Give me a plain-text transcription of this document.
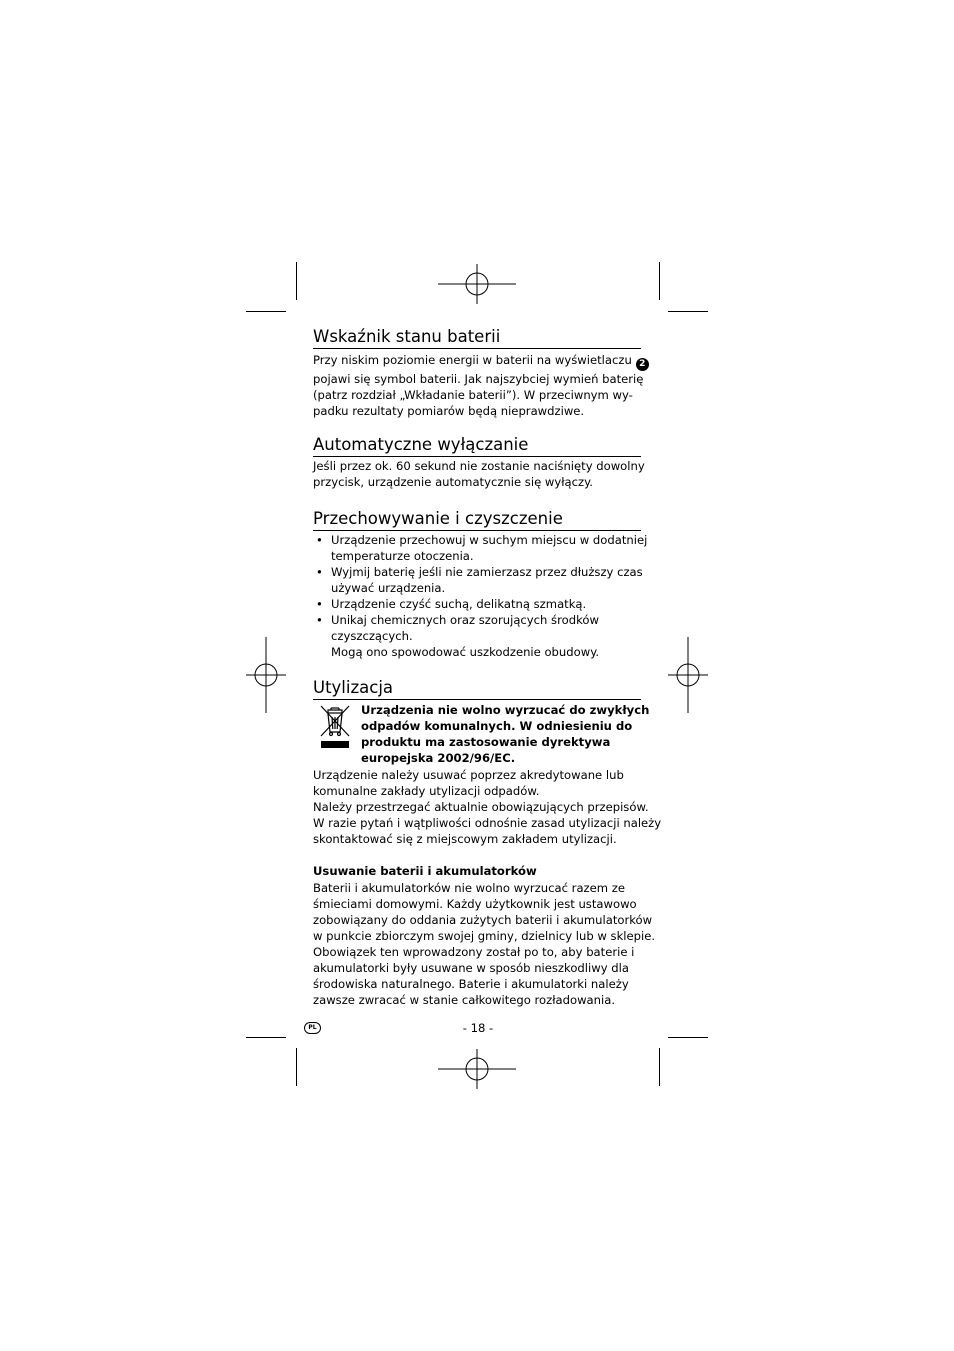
Wskaźnik stanu baterii

Przy niskim poziomie energii w baterii na wyświetlaczu 2

pojawi się symbol baterii. Jak najszybciej wymień baterię

(patrz rozdział „Wkładanie baterii”). W przeciwnym wy-

padku rezultaty pomiarów będą nieprawdziwe.

Automatyczne wyłączanie

Jeśli przez ok. 60 sekund nie zostanie naciśnięty dowolny

przycisk, urządzenie automatycznie się wyłączy.

Przechowywanie i czyszczenie
• Urządzenie przechowuj w suchym miejscu w dodatniej

temperaturze otoczenia.

• Wyjmij baterię jeśli nie zamierzasz przez dłuższy czas

używać urządzenia.

• Urządzenie czyść suchą, delikatną szmatką.

• Unikaj chemicznych oraz szorujących środków

czyszczących.

Mogą ono spowodować uszkodzenie obudowy.

Utylizacja

Urządzenia nie wolno wyrzucać do zwykłych

odpadów komunalnych. W odniesieniu do

produktu ma zastosowanie dyrektywa

europejska 2002/96/EC.

Urządzenie należy usuwać poprzez akredytowane lub

komunalne zakłady utylizacji odpadów.

Należy przestrzegać aktualnie obowiązujących przepisów.

W razie pytań i wątpliwości odnośnie zasad utylizacji należy

skontaktować się z miejscowym zakładem utylizacji.

Usuwanie baterii i akumulatorków

Baterii i akumulatorków nie wolno wyrzucać razem ze

śmieciami domowymi. Każdy użytkownik jest ustawowo

zobowiązany do oddania zużytych baterii i akumulatorków

w punkcie zbiorczym swojej gminy, dzielnicy lub w sklepie.

Obowiązek ten wprowadzony został po to, aby baterie i

akumulatorki były usuwane w sposób nieszkodliwy dla

środowiska naturalnego. Baterie i akumulatorki należy

zawsze zwracać w stanie całkowitego rozładowania.

PL	- 18 -
